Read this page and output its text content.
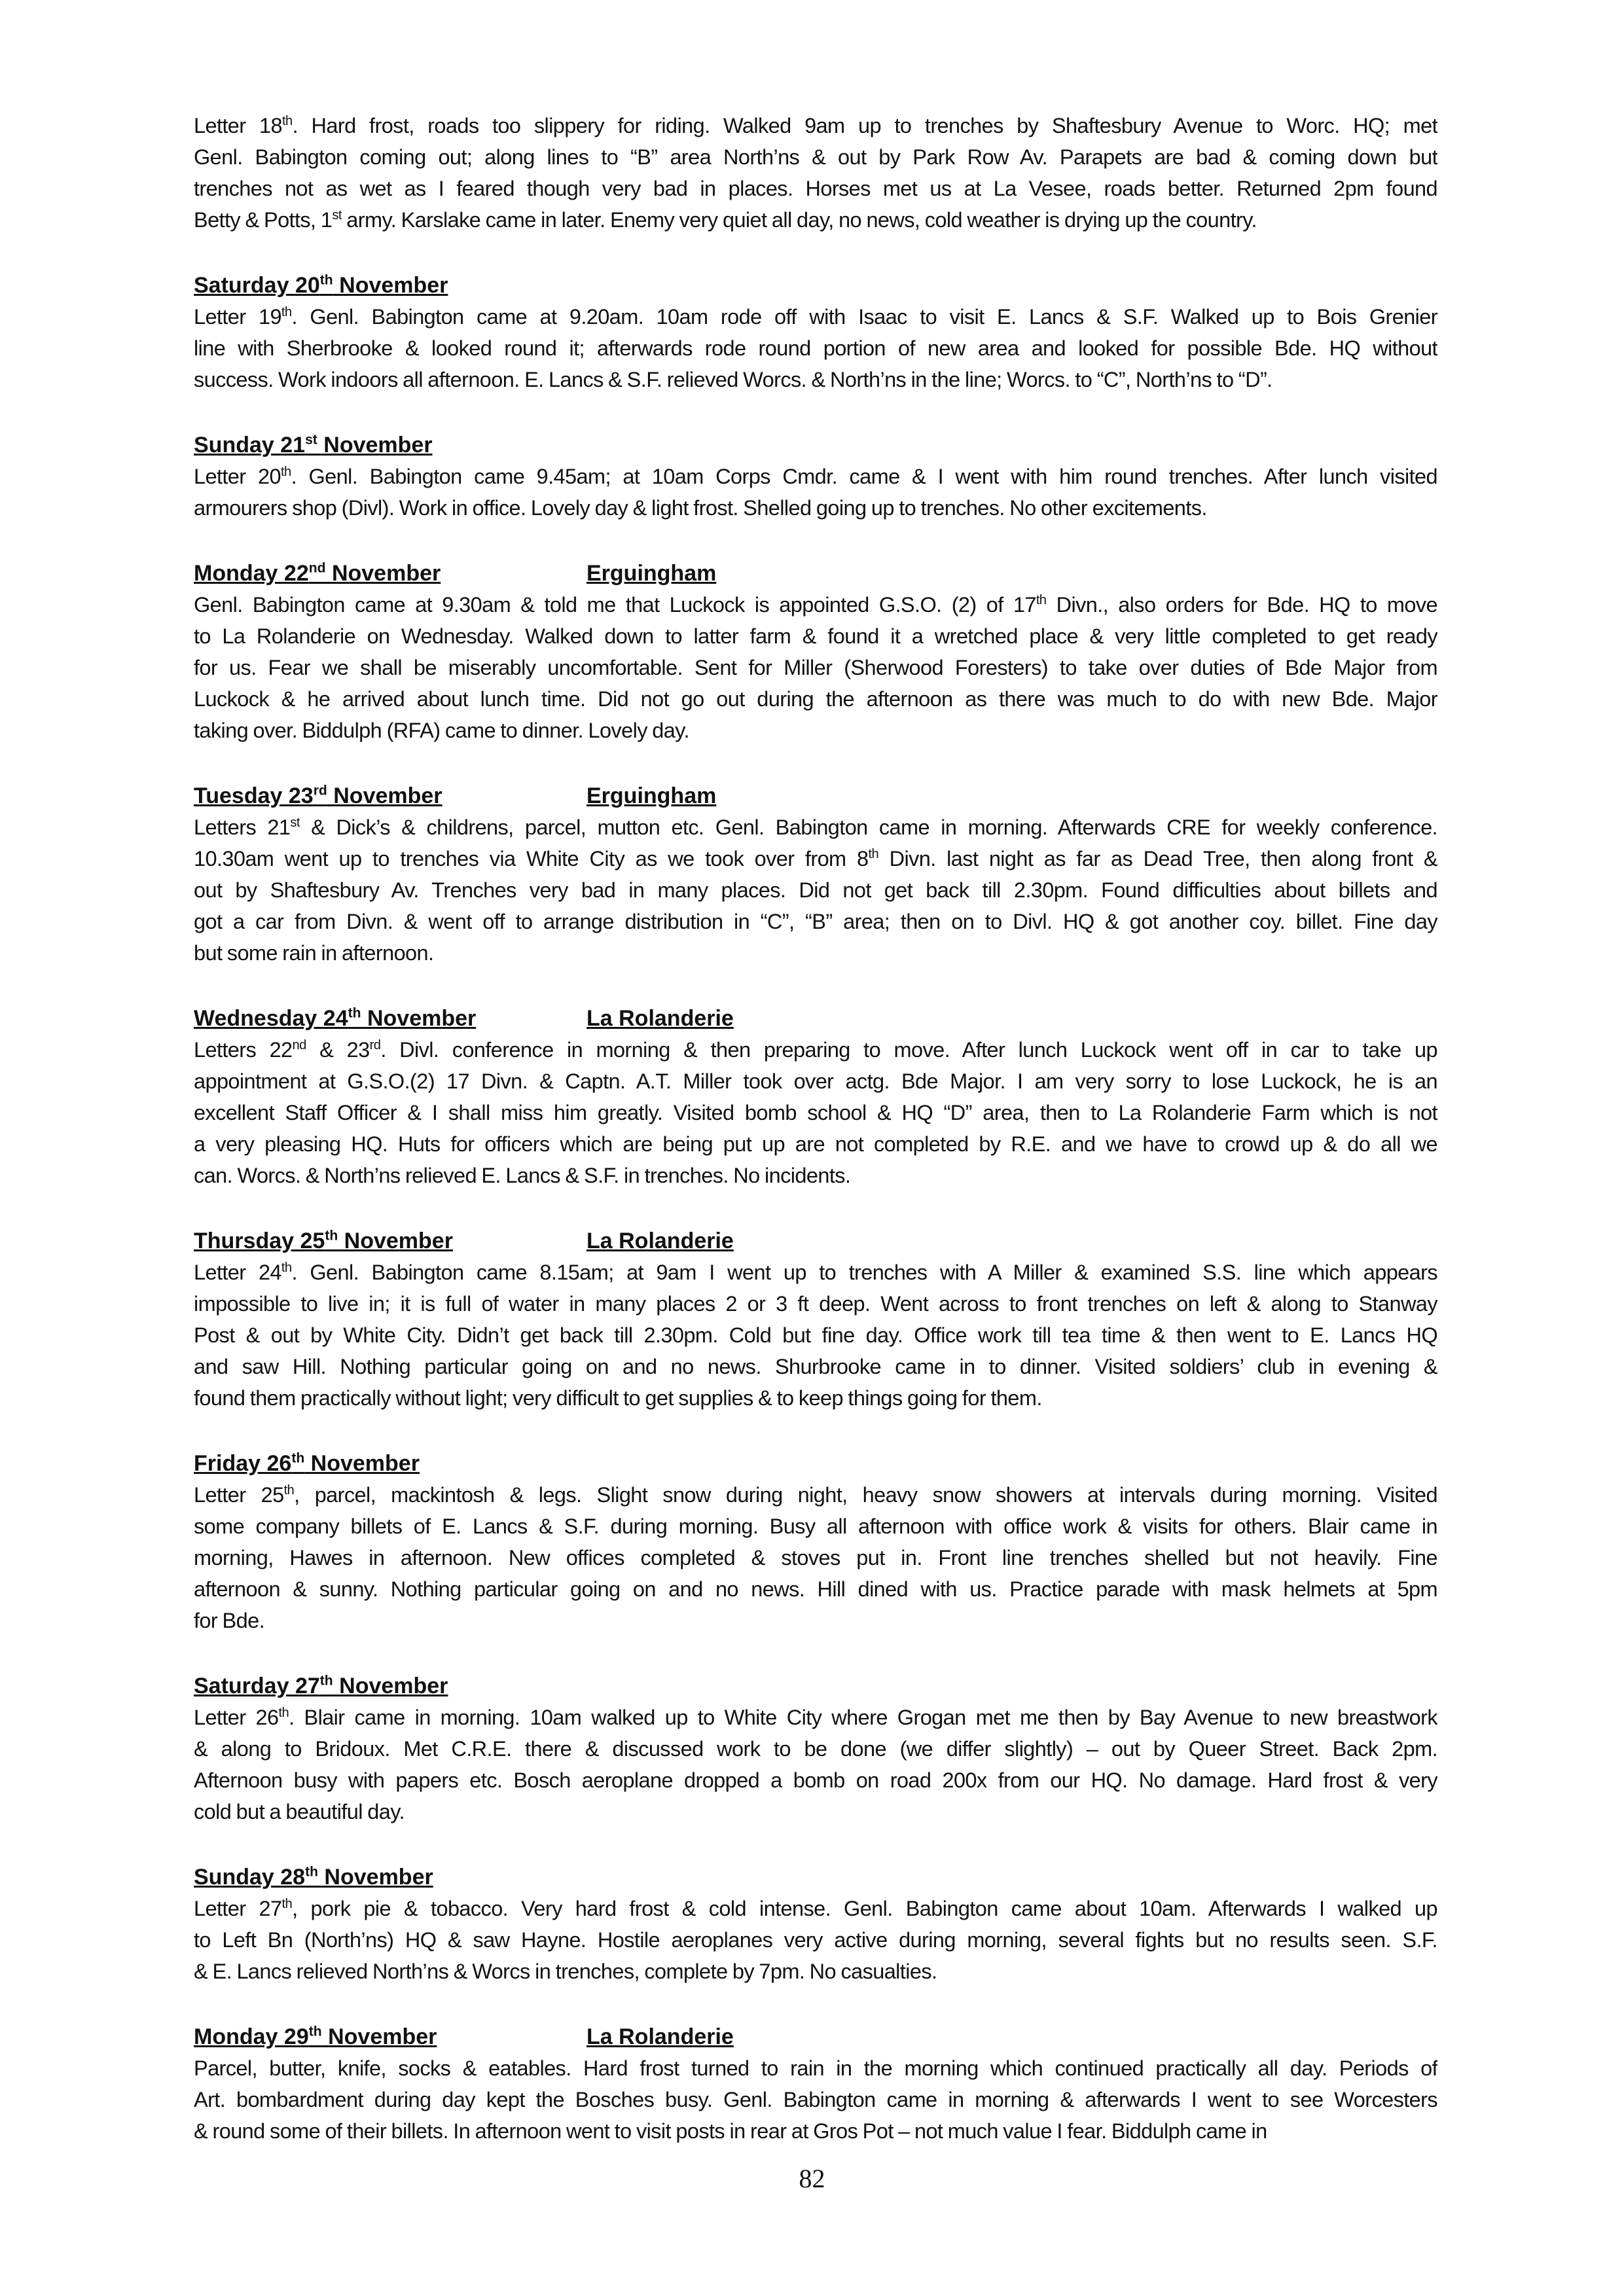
Letter 18th. Hard frost, roads too slippery for riding. Walked 9am up to trenches by Shaftesbury Avenue to Worc. HQ; met
Genl. Babington coming out; along lines to “B” area North’ns & out by Park Row Av. Parapets are bad & coming down but
trenches not as wet as I feared though very bad in places. Horses met us at La Vesee, roads better. Returned 2pm found
Betty & Potts, 1st army. Karslake came in later. Enemy very quiet all day, no news, cold weather is drying up the country.
Saturday 20th November
Letter 19th. Genl. Babington came at 9.20am. 10am rode off with Isaac to visit E. Lancs & S.F. Walked up to Bois Grenier
line with Sherbrooke & looked round it; afterwards rode round portion of new area and looked for possible Bde. HQ without
success. Work indoors all afternoon. E. Lancs & S.F. relieved Worcs. & North’ns in the line; Worcs. to “C”, North’ns to “D”.
Sunday 21st November
Letter 20th. Genl. Babington came 9.45am; at 10am Corps Cmdr. came & I went with him round trenches. After lunch visited
armourers shop (Divl). Work in office. Lovely day & light frost. Shelled going up to trenches. No other excitements.
Monday 22nd November	Erguingham
Genl. Babington came at 9.30am & told me that Luckock is appointed G.S.O. (2) of 17th Divn., also orders for Bde. HQ to move
to La Rolanderie on Wednesday. Walked down to latter farm & found it a wretched place & very little completed to get ready
for us. Fear we shall be miserably uncomfortable. Sent for Miller (Sherwood Foresters) to take over duties of Bde Major from
Luckock & he arrived about lunch time. Did not go out during the afternoon as there was much to do with new Bde. Major
taking over. Biddulph (RFA) came to dinner. Lovely day.
Tuesday 23rd November	Erguingham
Letters 21st & Dick’s & childrens, parcel, mutton etc. Genl. Babington came in morning. Afterwards CRE for weekly conference.
10.30am went up to trenches via White City as we took over from 8th Divn. last night as far as Dead Tree, then along front &
out by Shaftesbury Av. Trenches very bad in many places. Did not get back till 2.30pm. Found difficulties about billets and
got a car from Divn. & went off to arrange distribution in “C”, “B” area; then on to Divl. HQ & got another coy. billet. Fine day
but some rain in afternoon.
Wednesday 24th November	La Rolanderie
Letters 22nd & 23rd. Divl. conference in morning & then preparing to move. After lunch Luckock went off in car to take up
appointment at G.S.O.(2) 17 Divn. & Captn. A.T. Miller took over actg. Bde Major. I am very sorry to lose Luckock, he is an
excellent Staff Officer & I shall miss him greatly. Visited bomb school & HQ “D” area, then to La Rolanderie Farm which is not
a very pleasing HQ. Huts for officers which are being put up are not completed by R.E. and we have to crowd up & do all we
can. Worcs. & North’ns relieved E. Lancs & S.F. in trenches. No incidents.
Thursday 25th November	La Rolanderie
Letter 24th. Genl. Babington came 8.15am; at 9am I went up to trenches with A Miller & examined S.S. line which appears
impossible to live in; it is full of water in many places 2 or 3 ft deep. Went across to front trenches on left & along to Stanway
Post & out by White City. Didn’t get back till 2.30pm. Cold but fine day. Office work till tea time & then went to E. Lancs HQ
and saw Hill. Nothing particular going on and no news. Shurbrooke came in to dinner. Visited soldiers’ club in evening &
found them practically without light; very difficult to get supplies & to keep things going for them.
Friday 26th November
Letter 25th, parcel, mackintosh & legs. Slight snow during night, heavy snow showers at intervals during morning. Visited
some company billets of E. Lancs & S.F. during morning. Busy all afternoon with office work & visits for others. Blair came in
morning, Hawes in afternoon. New offices completed & stoves put in. Front line trenches shelled but not heavily. Fine
afternoon & sunny. Nothing particular going on and no news. Hill dined with us. Practice parade with mask helmets at 5pm
for Bde.
Saturday 27th November
Letter 26th. Blair came in morning. 10am walked up to White City where Grogan met me then by Bay Avenue to new breastwork
& along to Bridoux. Met C.R.E. there & discussed work to be done (we differ slightly) – out by Queer Street. Back 2pm.
Afternoon busy with papers etc. Bosch aeroplane dropped a bomb on road 200x from our HQ. No damage. Hard frost & very
cold but a beautiful day.
Sunday 28th November
Letter 27th, pork pie & tobacco. Very hard frost & cold intense. Genl. Babington came about 10am. Afterwards I walked up
to Left Bn (North’ns) HQ & saw Hayne. Hostile aeroplanes very active during morning, several fights but no results seen. S.F.
& E. Lancs relieved North’ns & Worcs in trenches, complete by 7pm. No casualties.
Monday 29th November	La Rolanderie
Parcel, butter, knife, socks & eatables. Hard frost turned to rain in the morning which continued practically all day. Periods of
Art. bombardment during day kept the Bosches busy. Genl. Babington came in morning & afterwards I went to see Worcesters
& round some of their billets. In afternoon went to visit posts in rear at Gros Pot – not much value I fear. Biddulph came in
82
